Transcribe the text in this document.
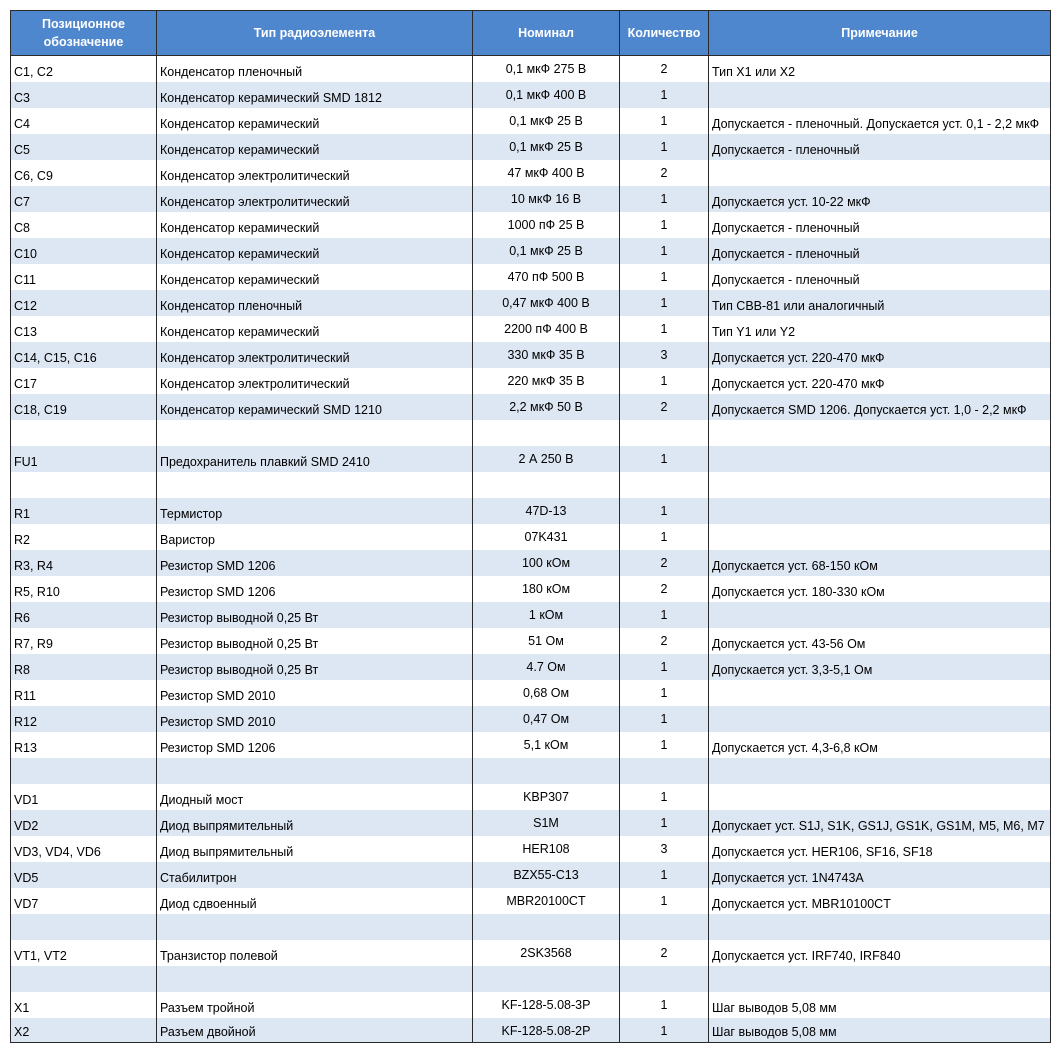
Позиционное обозначение	Тип радиоэлемента	Номинал	Количество	Примечание
C1, C2	Конденсатор пленочный	0,1 мкФ 275 В	2	Тип X1 или X2
C3	Конденсатор керамический SMD 1812	0,1 мкФ 400 В	1	
C4	Конденсатор керамический	0,1 мкФ 25 В	1	Допускается - пленочный. Допускается уст. 0,1 - 2,2 мкФ
C5	Конденсатор керамический	0,1 мкФ 25 В	1	Допускается - пленочный
C6, C9	Конденсатор электролитический	47 мкФ 400 В	2	
C7	Конденсатор электролитический	10 мкФ 16 В	1	Допускается уст. 10-22 мкФ
C8	Конденсатор керамический	1000 пФ 25 В	1	Допускается - пленочный
C10	Конденсатор керамический	0,1 мкФ 25 В	1	Допускается - пленочный
C11	Конденсатор керамический	470 пФ 500 В	1	Допускается - пленочный
C12	Конденсатор пленочный	0,47 мкФ 400 В	1	Тип CBB-81 или аналогичный
C13	Конденсатор керамический	2200 пФ 400 В	1	Тип Y1 или Y2
C14, C15, C16	Конденсатор электролитический	330 мкФ 35 В	3	Допускается уст. 220-470 мкФ
C17	Конденсатор электролитический	220 мкФ 35 В	1	Допускается уст. 220-470 мкФ
C18, C19	Конденсатор керамический SMD 1210	2,2 мкФ 50 В	2	Допускается SMD 1206. Допускается уст. 1,0 - 2,2 мкФ

FU1	Предохранитель плавкий SMD 2410	2 А 250 В	1	

R1	Термистор	47D-13	1	
R2	Варистор	07K431	1	
R3, R4	Резистор SMD 1206	100 кОм	2	Допускается уст. 68-150 кОм
R5, R10	Резистор SMD 1206	180 кОм	2	Допускается уст. 180-330 кОм
R6	Резистор выводной 0,25 Вт	1 кОм	1	
R7, R9	Резистор выводной 0,25 Вт	51 Ом	2	Допускается уст. 43-56 Ом
R8	Резистор выводной 0,25 Вт	4.7 Ом	1	Допускается уст. 3,3-5,1 Ом
R11	Резистор SMD 2010	0,68 Ом	1	
R12	Резистор SMD 2010	0,47 Ом	1	
R13	Резистор SMD 1206	5,1 кОм	1	Допускается уст. 4,3-6,8 кОм

VD1	Диодный мост	KBP307	1	
VD2	Диод выпрямительный	S1M	1	Допускает уст. S1J, S1K, GS1J, GS1K, GS1M, M5, M6, M7
VD3, VD4, VD6	Диод выпрямительный	HER108	3	Допускается уст. HER106, SF16, SF18
VD5	Стабилитрон	BZX55-C13	1	Допускается уст. 1N4743A
VD7	Диод сдвоенный	MBR20100CT	1	Допускается уст. MBR10100CT

VT1, VT2	Транзистор полевой	2SK3568	2	Допускается уст. IRF740, IRF840

X1	Разъем тройной	KF-128-5.08-3P	1	Шаг выводов 5,08 мм
X2	Разъем двойной	KF-128-5.08-2P	1	Шаг выводов 5,08 мм
